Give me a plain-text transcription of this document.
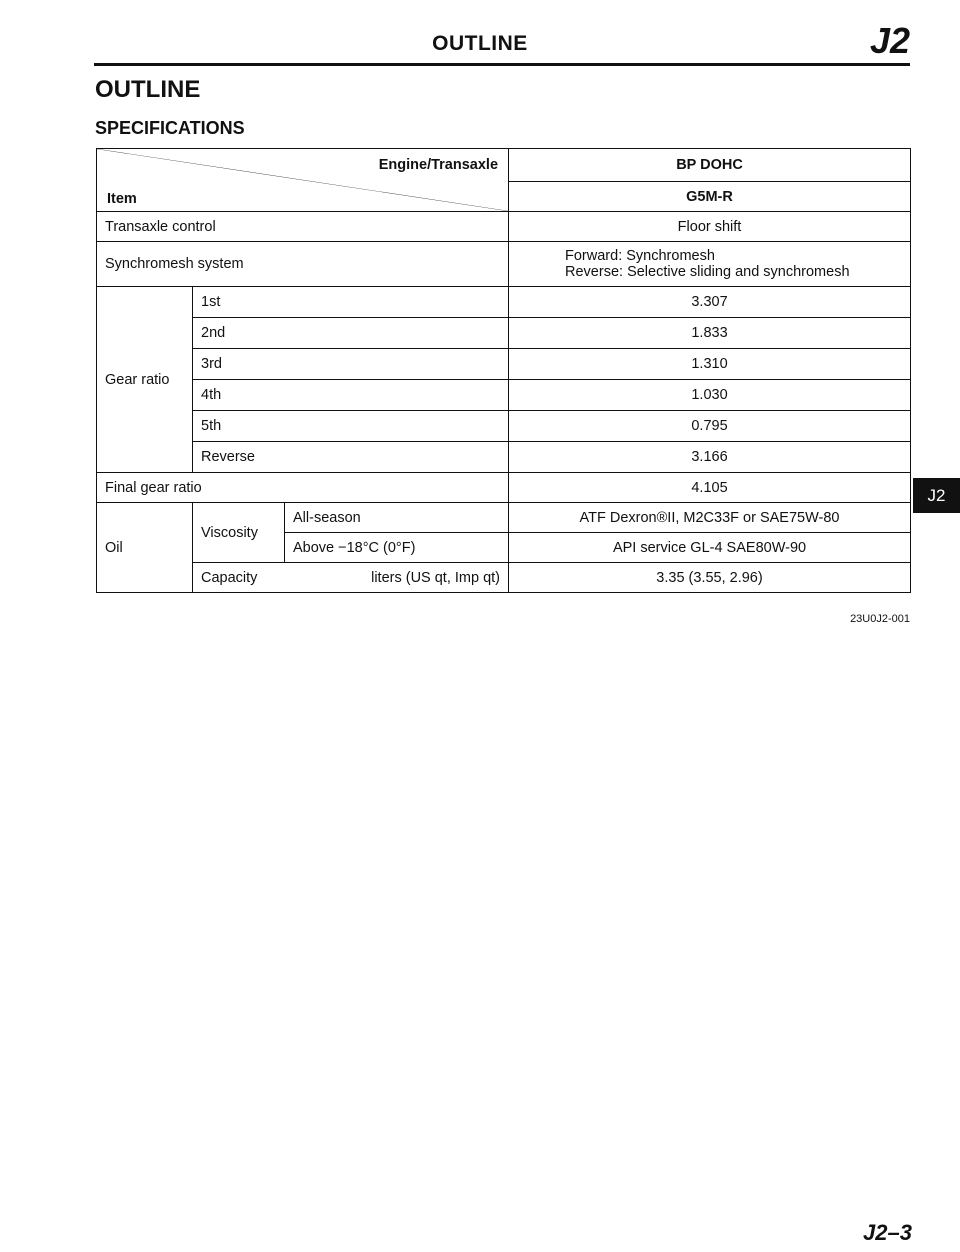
OUTLINE	J2
OUTLINE
SPECIFICATIONS
Engine/Transaxle
Item			BP DOHC
			G5M-R
Transaxle control			Floor shift
Synchromesh system			Forward: Synchromesh
Reverse: Selective sliding and synchromesh

Gear ratio	1st		3.307
	2nd		1.833
	3rd		1.310
	4th		1.030
	5th		0.795
	Reverse		3.166
Final gear ratio			4.105
Oil	Viscosity	All-season	ATF Dexron®II, M2C33F or SAE75W-80
		Above −18°C (0°F)	API service GL-4 SAE80W-90

	Capacity liters (US qt, Imp qt)		3.35 (3.55, 2.96)
23U0J2-001
J2
J2–3
